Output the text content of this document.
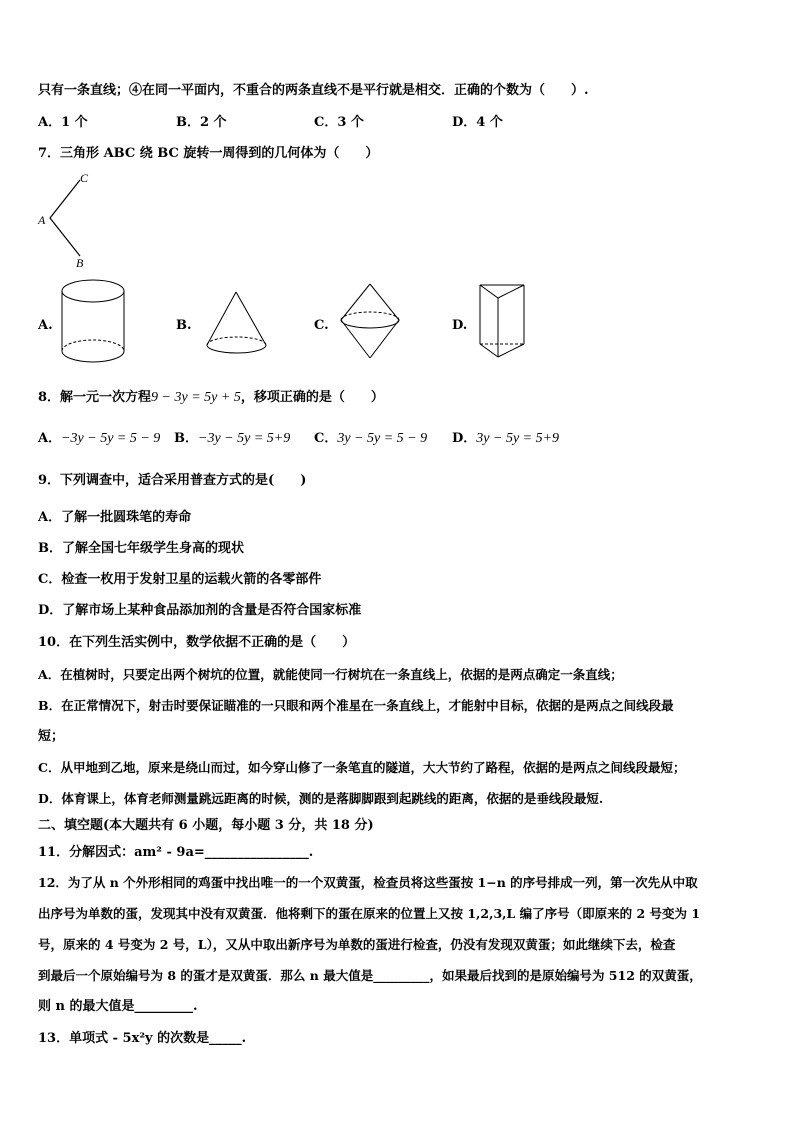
只有一条直线；④在同一平面内，不重合的两条直线不是平行就是相交．正确的个数为（　　）.
A．1 个	B．2 个	C．3 个	D．4 个
7．三角形 ABC 绕 BC 旋转一周得到的几何体为（　　）
C
A
B
A.	B.	C.	D.
8．解一元一次方程9 − 3y = 5y + 5，移项正确的是（　　）
A．−3y − 5y = 5 − 9 B．−3y − 5y = 5+9 C．3y − 5y = 5 − 9 D．3y − 5y = 5+9
9．下列调查中，适合采用普查方式的是(　　)
A．了解一批圆珠笔的寿命
B．了解全国七年级学生身高的现状
C．检查一枚用于发射卫星的运载火箭的各零部件
D．了解市场上某种食品添加剂的含量是否符合国家标准
10．在下列生活实例中，数学依据不正确的是（　　）
A．在植树时，只要定出两个树坑的位置，就能使同一行树坑在一条直线上，依据的是两点确定一条直线；
B．在正常情况下，射击时要保证瞄准的一只眼和两个准星在一条直线上，才能射中目标，依据的是两点之间线段最
短；
C．从甲地到乙地，原来是绕山而过，如今穿山修了一条笔直的隧道，大大节约了路程，依据的是两点之间线段最短；
D．体育课上，体育老师测量跳远距离的时候，测的是落脚脚跟到起跳线的距离，依据的是垂线段最短.
二、填空题(本大题共有 6 小题，每小题 3 分，共 18 分)
11．分解因式：am² - 9a=________________.
12．为了从 n 个外形相同的鸡蛋中找出唯一的一个双黄蛋，检查员将这些蛋按 1−n 的序号排成一列，第一次先从中取
出序号为单数的蛋，发现其中没有双黄蛋．他将剩下的蛋在原来的位置上又按 1,2,3,L 编了序号（即原来的 2 号变为 1
号，原来的 4 号变为 2 号，L），又从中取出新序号为单数的蛋进行检查，仍没有发现双黄蛋；如此继续下去，检查
到最后一个原始编号为 8 的蛋才是双黄蛋．那么 n 最大值是_________，如果最后找到的是原始编号为 512 的双黄蛋，
则 n 的最大值是_________.
13．单项式 - 5x²y 的次数是_____.
